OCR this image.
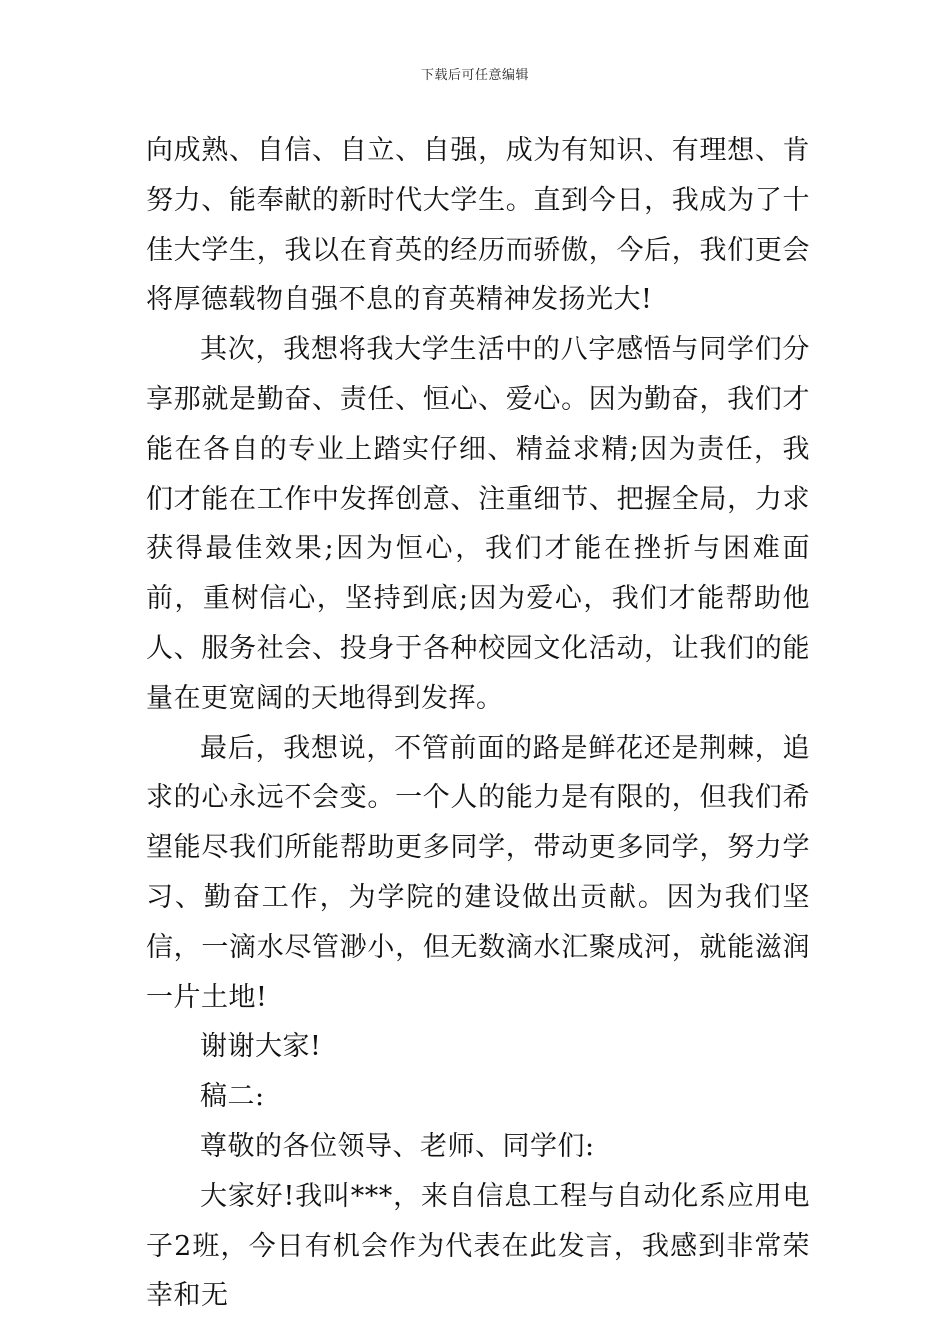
下载后可任意编辑

向成熟、自信、自立、自强，成为有知识、有理想、肯努力、能奉献的新时代大学生。直到今日，我成为了十佳大学生，我以在育英的经历而骄傲，今后，我们更会将厚德载物自强不息的育英精神发扬光大!

其次，我想将我大学生活中的八字感悟与同学们分享那就是勤奋、责任、恒心、爱心。因为勤奋，我们才能在各自的专业上踏实仔细、精益求精;因为责任，我们才能在工作中发挥创意、注重细节、把握全局，力求获得最佳效果;因为恒心，我们才能在挫折与困难面前，重树信心，坚持到底;因为爱心，我们才能帮助他人、服务社会、投身于各种校园文化活动，让我们的能量在更宽阔的天地得到发挥。

最后，我想说，不管前面的路是鲜花还是荆棘，追求的心永远不会变。一个人的能力是有限的，但我们希望能尽我们所能帮助更多同学，带动更多同学，努力学习、勤奋工作，为学院的建设做出贡献。因为我们坚信，一滴水尽管渺小，但无数滴水汇聚成河，就能滋润一片土地!

谢谢大家!

稿二:

尊敬的各位领导、老师、同学们:

大家好!我叫***，来自信息工程与自动化系应用电子2班，今日有机会作为代表在此发言，我感到非常荣幸和无
